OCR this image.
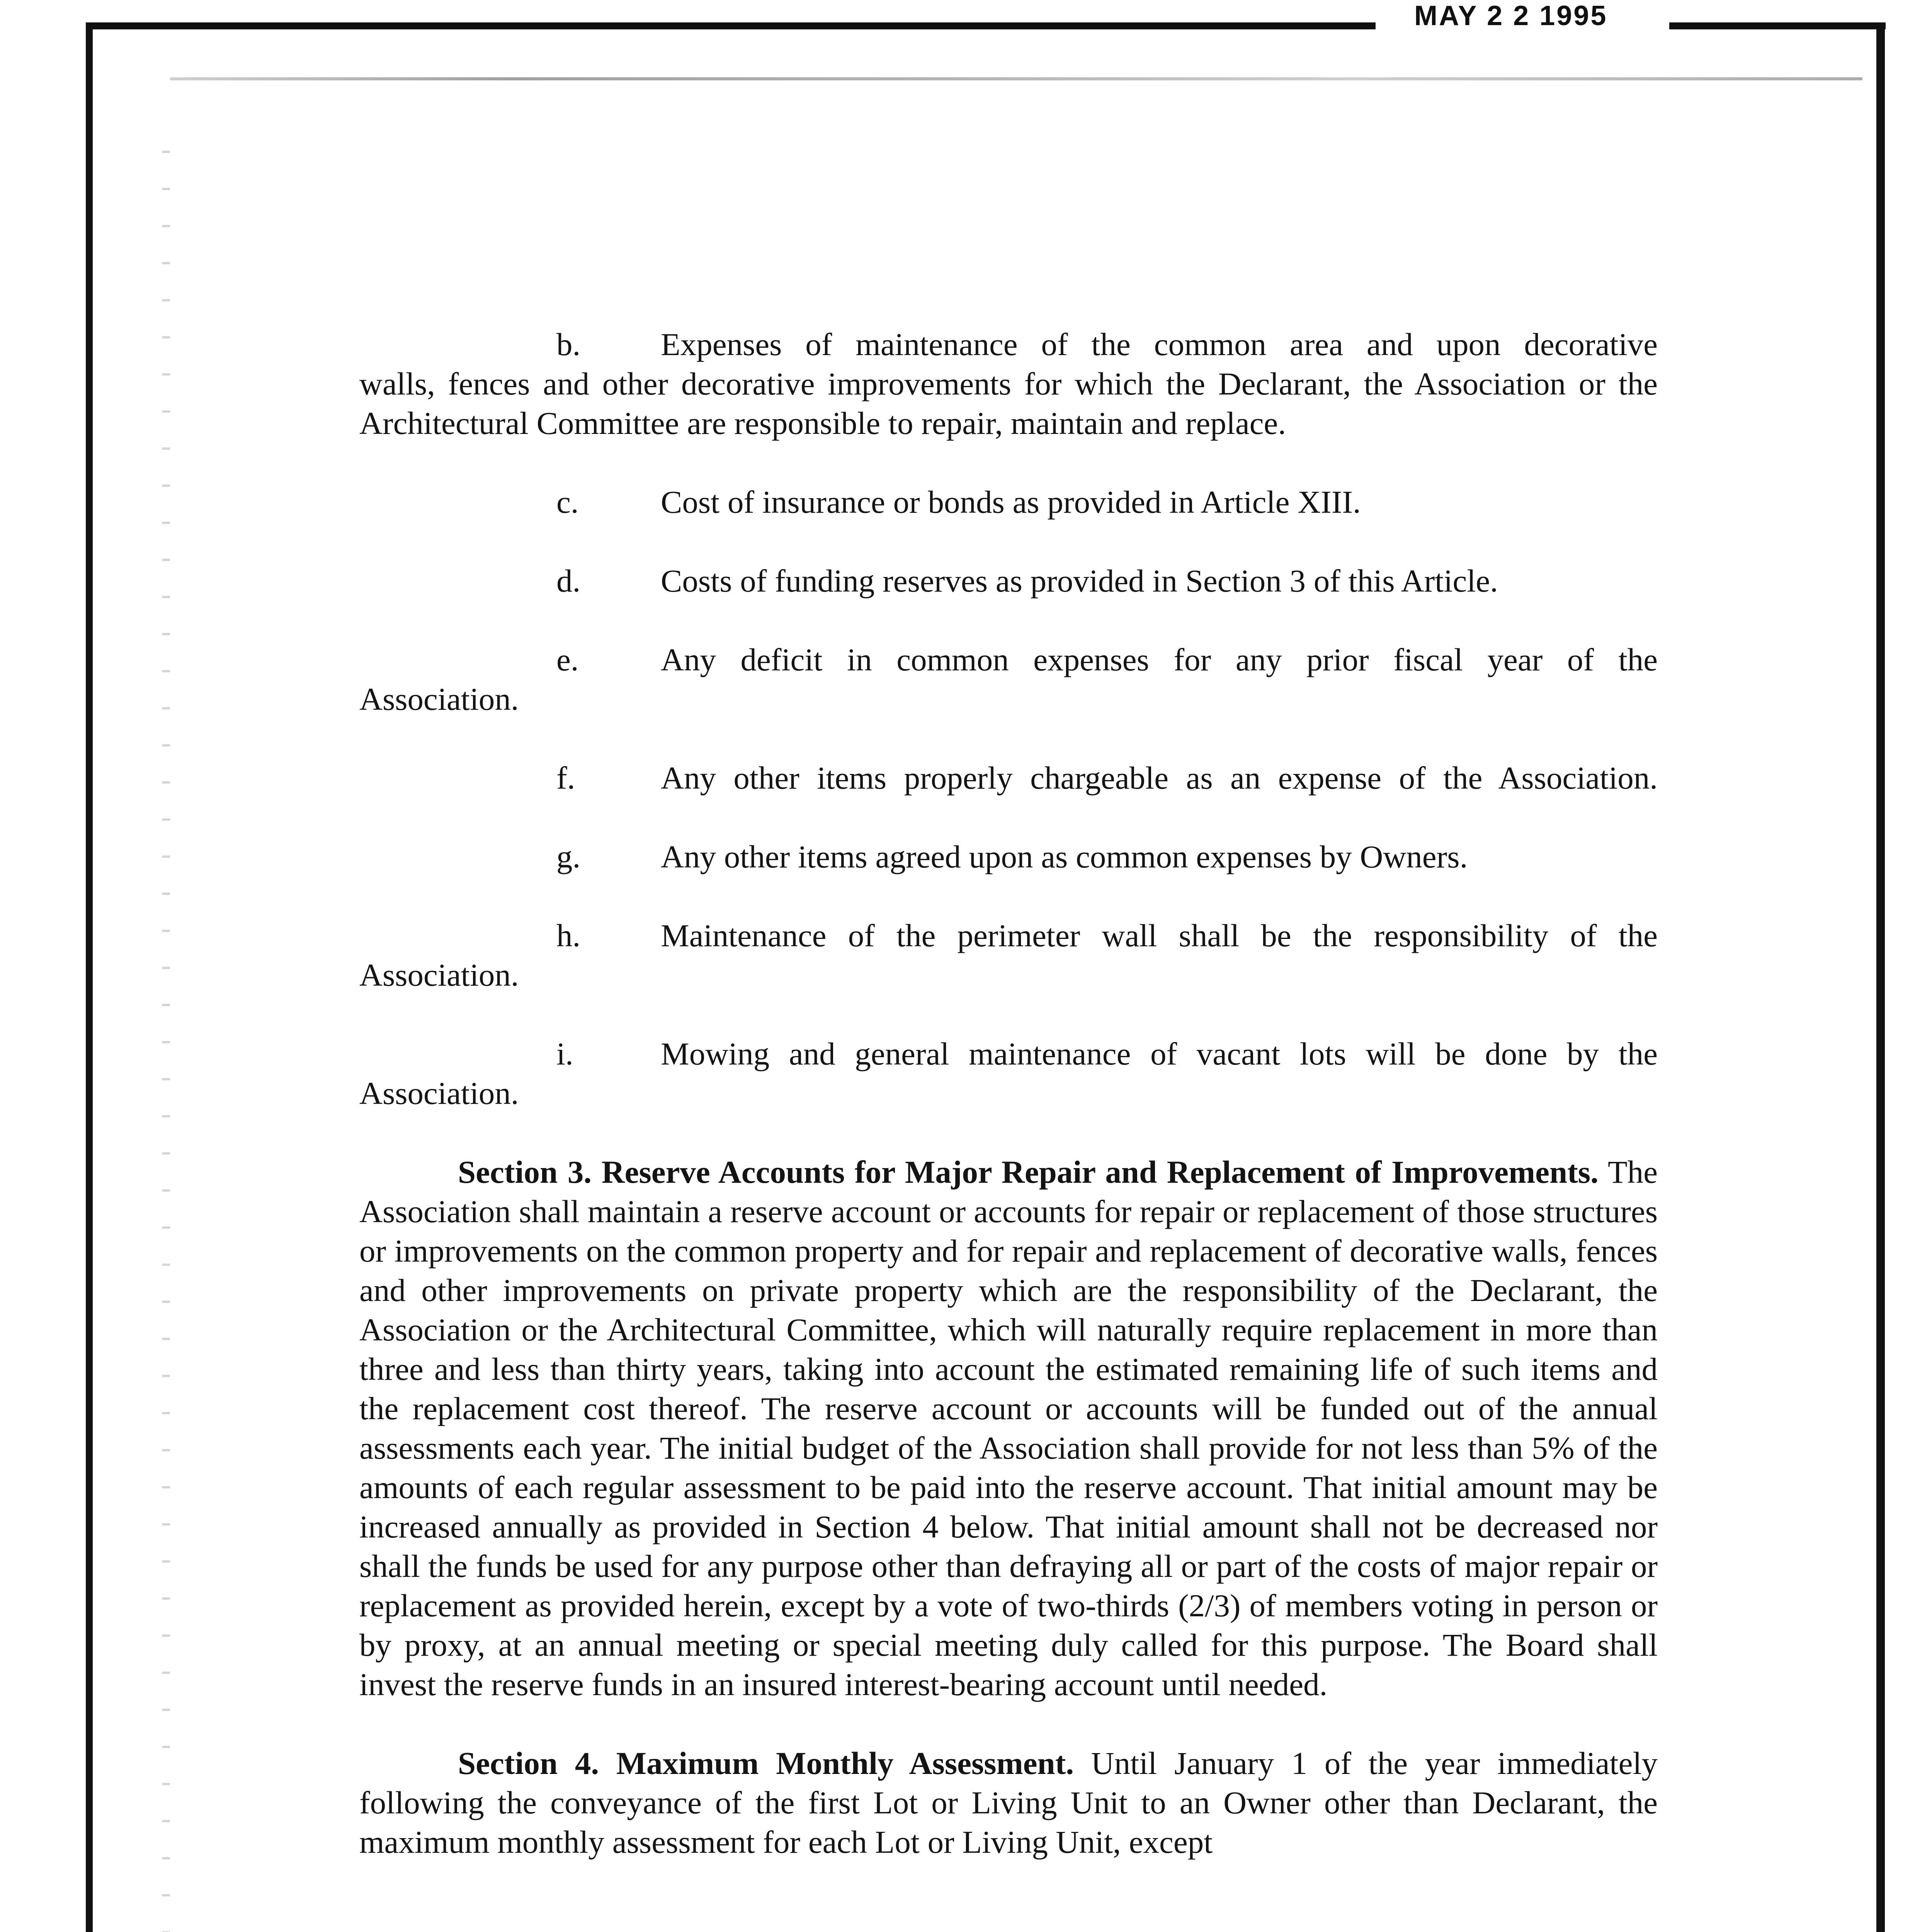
MAY 2 2 1995
b.	Expenses of maintenance of the common area and upon decorative
walls, fences and other decorative improvements for which the Declarant, the Association or the Architectural Committee are responsible to repair, maintain and replace.
c.	Cost of insurance or bonds as provided in Article XIII.
d.	Costs of funding reserves as provided in Section 3 of this Article.
e.	Any deficit in common expenses for any prior fiscal year of the
Association.
f.	Any other items properly chargeable as an expense of the Association.
g.	Any other items agreed upon as common expenses by Owners.
h.	Maintenance of the perimeter wall shall be the responsibility of the
Association.
i.	Mowing and general maintenance of vacant lots will be done by the
Association.

Section 3. Reserve Accounts for Major Repair and Replacement of Improvements. The Association shall maintain a reserve account or accounts for repair or replacement of those structures or improvements on the common property and for repair and replacement of decorative walls, fences and other improvements on private property which are the responsibility of the Declarant, the Association or the Architectural Committee, which will naturally require replacement in more than three and less than thirty years, taking into account the estimated remaining life of such items and the replacement cost thereof. The reserve account or accounts will be funded out of the annual assessments each year. The initial budget of the Association shall provide for not less than 5% of the amounts of each regular assessment to be paid into the reserve account. That initial amount may be increased annually as provided in Section 4 below. That initial amount shall not be decreased nor shall the funds be used for any purpose other than defraying all or part of the costs of major repair or replacement as provided herein, except by a vote of two-thirds (2/3) of members voting in person or by proxy, at an annual meeting or special meeting duly called for this purpose. The Board shall invest the reserve funds in an insured interest-bearing account until needed.

Section 4. Maximum Monthly Assessment. Until January 1 of the year immediately following the conveyance of the first Lot or Living Unit to an Owner other than Declarant, the maximum monthly assessment for each Lot or Living Unit, except
